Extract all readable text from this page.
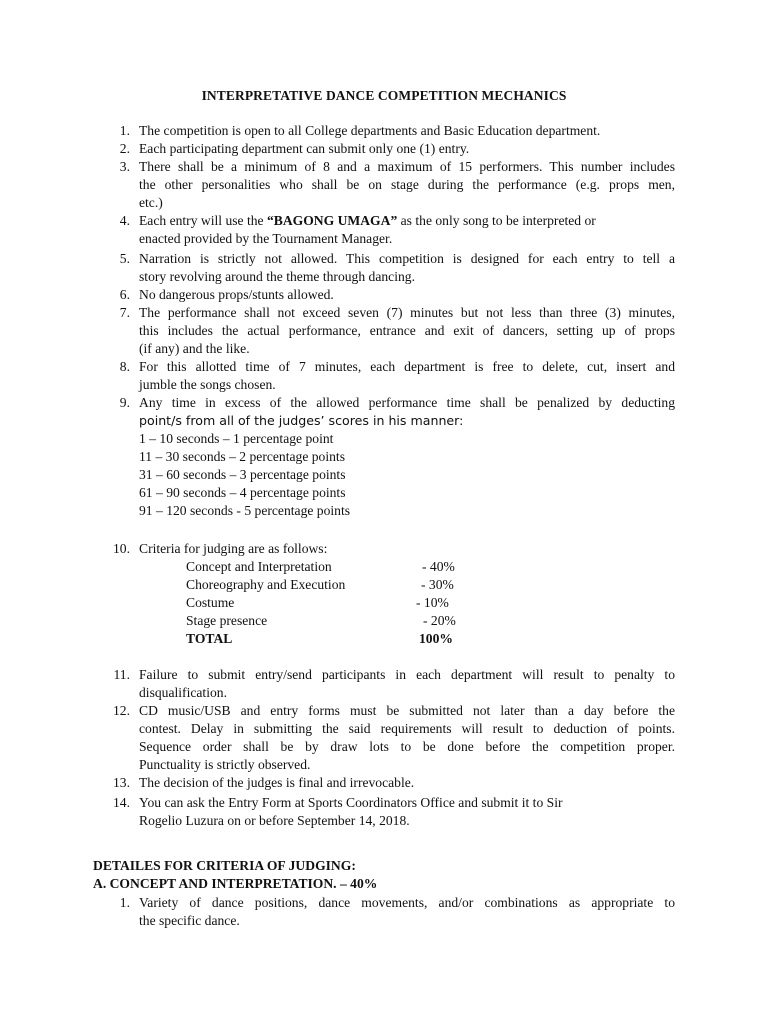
INTERPRETATIVE DANCE COMPETITION MECHANICS
1. The competition is open to all College departments and Basic Education department.
2. Each participating department can submit only one (1) entry.
3. There shall be a minimum of 8 and a maximum of 15 performers. This number includes
the other personalities who shall be on stage during the performance (e.g. props men,
etc.)
4. Each entry will use the “BAGONG UMAGA” as the only song to be interpreted or
enacted provided by the Tournament Manager.
5. Narration is strictly not allowed. This competition is designed for each entry to tell a
story revolving around the theme through dancing.
6. No dangerous props/stunts allowed.
7. The performance shall not exceed seven (7) minutes but not less than three (3) minutes,
this includes the actual performance, entrance and exit of dancers, setting up of props
(if any) and the like.
8. For this allotted time of 7 minutes, each department is free to delete, cut, insert and
jumble the songs chosen.
9. Any time in excess of the allowed performance time shall be penalized by deducting
point/s from all of the judges’ scores in his manner:
1 – 10 seconds – 1 percentage point
11 – 30 seconds – 2 percentage points
31 – 60 seconds – 3 percentage points
61 – 90 seconds – 4 percentage points
91 – 120 seconds - 5 percentage points
10. Criteria for judging are as follows:
Concept and Interpretation	- 40%
Choreography and Execution	- 30%
Costume	- 10%
Stage presence	- 20%
TOTAL	100%
11. Failure to submit entry/send participants in each department will result to penalty to
disqualification.
12. CD music/USB and entry forms must be submitted not later than a day before the
contest. Delay in submitting the said requirements will result to deduction of points.
Sequence order shall be by draw lots to be done before the competition proper.
Punctuality is strictly observed.
13. The decision of the judges is final and irrevocable.
14. You can ask the Entry Form at Sports Coordinators Office and submit it to Sir
Rogelio Luzura on or before September 14, 2018.
DETAILES FOR CRITERIA OF JUDGING:
A. CONCEPT AND INTERPRETATION. – 40%
1. Variety of dance positions, dance movements, and/or combinations as appropriate to
the specific dance.
